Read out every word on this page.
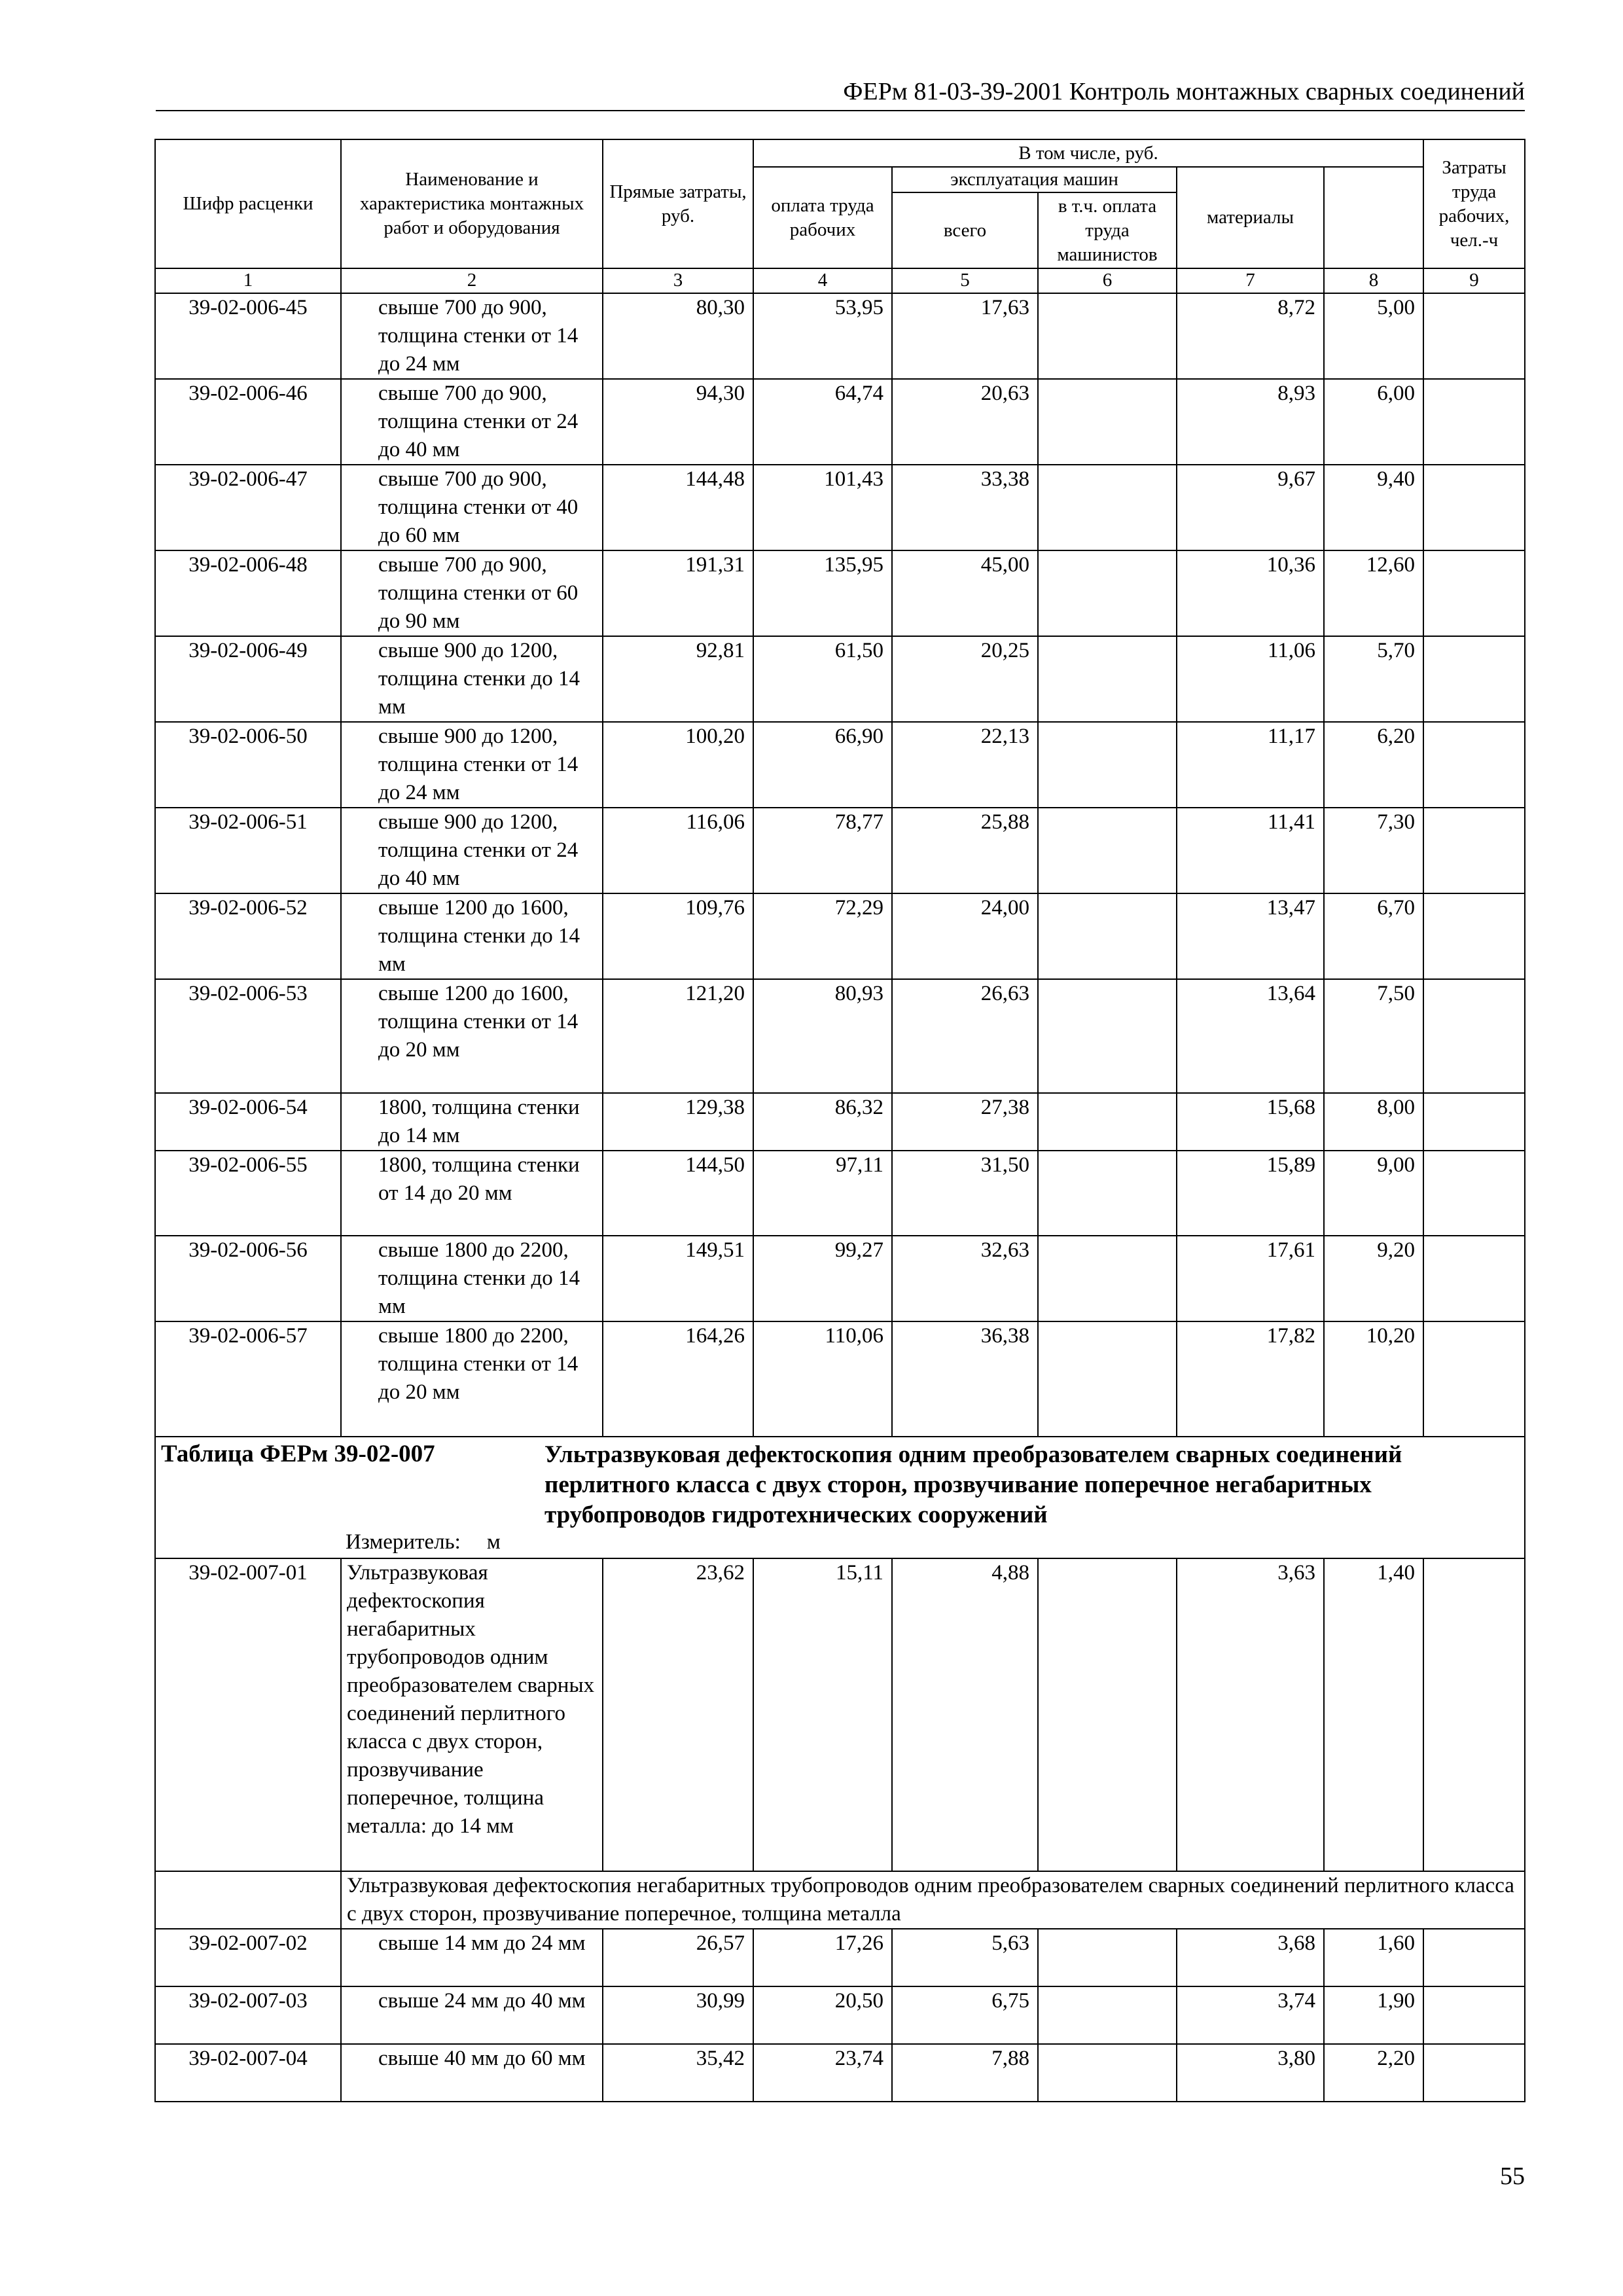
ФЕРм 81-03-39-2001 Контроль монтажных сварных соединений
Шифр расценки	Наименование и характеристика монтажных работ и оборудования	Прямые затраты, руб.	В том числе, руб.					Затраты труда рабочих, чел.-ч	
			оплата труда рабочих	эксплуатация машин		материалы			
				всего	в т.ч. оплата труда машинистов				

1	2	3	4	5	6	7	8	9	
39-02-006-45	свыше 700 до 900, толщина стенки от 14 до 24 мм	80,30	53,95	17,63		8,72	5,00		
39-02-006-46	свыше 700 до 900, толщина стенки от 24 до 40 мм	94,30	64,74	20,63		8,93	6,00		
39-02-006-47	свыше 700 до 900, толщина стенки от 40 до 60 мм	144,48	101,43	33,38		9,67	9,40		
39-02-006-48	свыше 700 до 900, толщина стенки от 60 до 90 мм	191,31	135,95	45,00		10,36	12,60		
39-02-006-49	свыше 900 до 1200, толщина стенки до 14 мм	92,81	61,50	20,25		11,06	5,70		
39-02-006-50	свыше 900 до 1200, толщина стенки от 14 до 24 мм	100,20	66,90	22,13		11,17	6,20		
39-02-006-51	свыше 900 до 1200, толщина стенки от 24 до 40 мм	116,06	78,77	25,88		11,41	7,30		
39-02-006-52	свыше 1200 до 1600, толщина стенки до 14 мм	109,76	72,29	24,00		13,47	6,70		
39-02-006-53	свыше 1200 до 1600, толщина стенки от 14 до 20 мм	121,20	80,93	26,63		13,64	7,50		
39-02-006-54	1800, толщина стенки до 14 мм	129,38	86,32	27,38		15,68	8,00		
39-02-006-55	1800, толщина стенки от 14 до 20 мм	144,50	97,11	31,50		15,89	9,00		
39-02-006-56	свыше 1800 до 2200, толщина стенки до 14 мм	149,51	99,27	32,63		17,61	9,20		
39-02-006-57	свыше 1800 до 2200, толщина стенки от 14 до 20 мм	164,26	110,06	36,38		17,82	10,20		

Таблица ФЕРм 39-02-007 Ультразвуковая дефектоскопия одним преобразователем сварных соединений перлитного класса с двух сторон, прозвучивание поперечное негабаритных трубопроводов гидротехнических сооружений
Измеритель: м									

39-02-007-01	Ультразвуковая дефектоскопия негабаритных трубопроводов одним преобразователем сварных соединений перлитного класса с двух сторон, прозвучивание поперечное, толщина металла: до 14 мм	23,62	15,11	4,88		3,63	1,40		
	Ультразвуковая дефектоскопия негабаритных трубопроводов одним преобразователем сварных соединений перлитного класса с двух сторон, прозвучивание поперечное, толщина металла								
39-02-007-02	свыше 14 мм до 24 мм	26,57	17,26	5,63		3,68	1,60		
39-02-007-03	свыше 24 мм до 40 мм	30,99	20,50	6,75		3,74	1,90		
39-02-007-04	свыше 40 мм до 60 мм	35,42	23,74	7,88		3,80	2,20		
55
